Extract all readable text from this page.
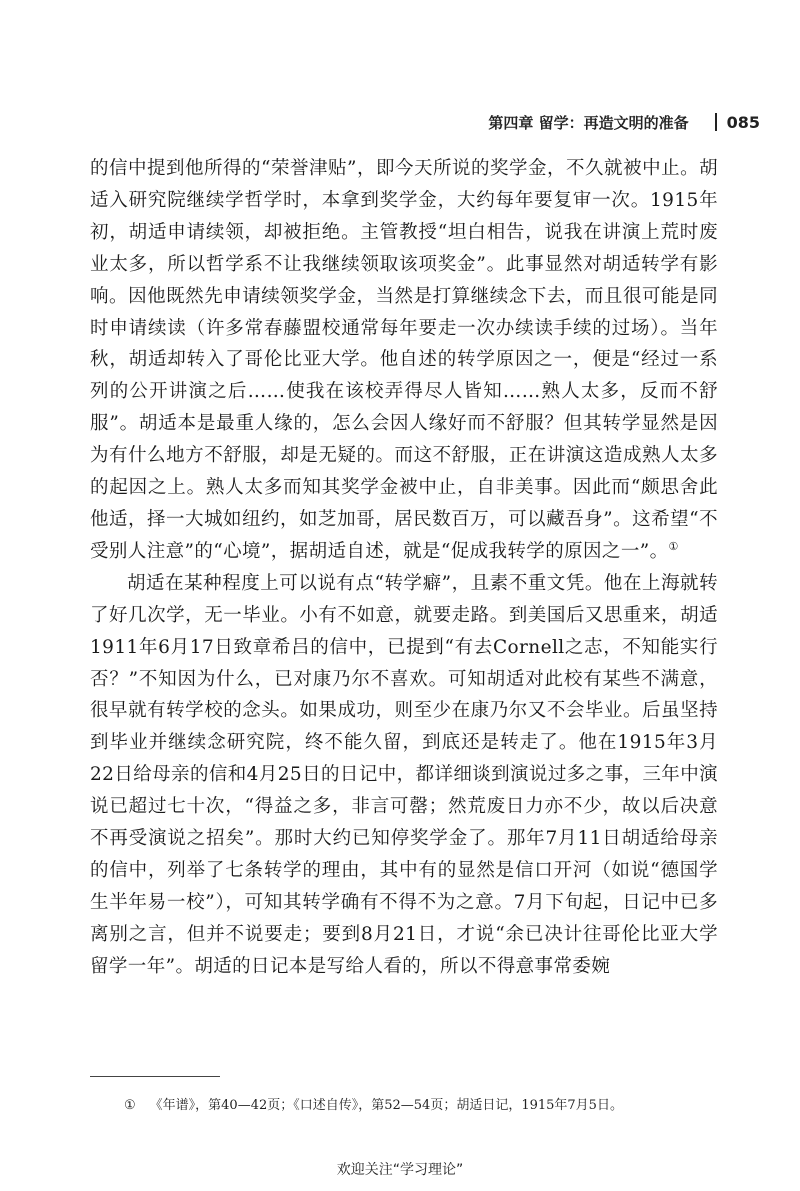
第四章 留学：再造文明的准备 085

的信中提到他所得的“荣誉津贴”，即今天所说的奖学金，不久就被中止。胡适入研究院继续学哲学时，本拿到奖学金，大约每年要复审一次。1915年初，胡适申请续领，却被拒绝。主管教授“坦白相告，说我在讲演上荒时废业太多，所以哲学系不让我继续领取该项奖金”。此事显然对胡适转学有影响。因他既然先申请续领奖学金，当然是打算继续念下去，而且很可能是同时申请续读（许多常春藤盟校通常每年要走一次办续读手续的过场）。当年秋，胡适却转入了哥伦比亚大学。他自述的转学原因之一，便是“经过一系列的公开讲演之后……使我在该校弄得尽人皆知……熟人太多，反而不舒服”。胡适本是最重人缘的，怎么会因人缘好而不舒服？但其转学显然是因为有什么地方不舒服，却是无疑的。而这不舒服，正在讲演这造成熟人太多的起因之上。熟人太多而知其奖学金被中止，自非美事。因此而“颇思舍此他适，择一大城如纽约，如芝加哥，居民数百万，可以藏吾身”。这希望“不受别人注意”的“心境”，据胡适自述，就是“促成我转学的原因之一”。①

胡适在某种程度上可以说有点“转学癖”，且素不重文凭。他在上海就转了好几次学，无一毕业。小有不如意，就要走路。到美国后又思重来，胡适1911年6月17日致章希吕的信中，已提到“有去Cornell之志，不知能实行否？”不知因为什么，已对康乃尔不喜欢。可知胡适对此校有某些不满意，很早就有转学校的念头。如果成功，则至少在康乃尔又不会毕业。后虽坚持到毕业并继续念研究院，终不能久留，到底还是转走了。他在1915年3月22日给母亲的信和4月25日的日记中，都详细谈到演说过多之事，三年中演说已超过七十次，“得益之多，非言可罄；然荒废日力亦不少，故以后决意不再受演说之招矣”。那时大约已知停奖学金了。那年7月11日胡适给母亲的信中，列举了七条转学的理由，其中有的显然是信口开河（如说“德国学生半年易一校”），可知其转学确有不得不为之意。7月下旬起，日记中已多离别之言，但并不说要走；要到8月21日，才说“余已决计往哥伦比亚大学留学一年”。胡适的日记本是写给人看的，所以不得意事常委婉

① 《年谱》，第40—42页；《口述自传》，第52—54页；胡适日记，1915年7月5日。
欢迎关注“学习理论”
